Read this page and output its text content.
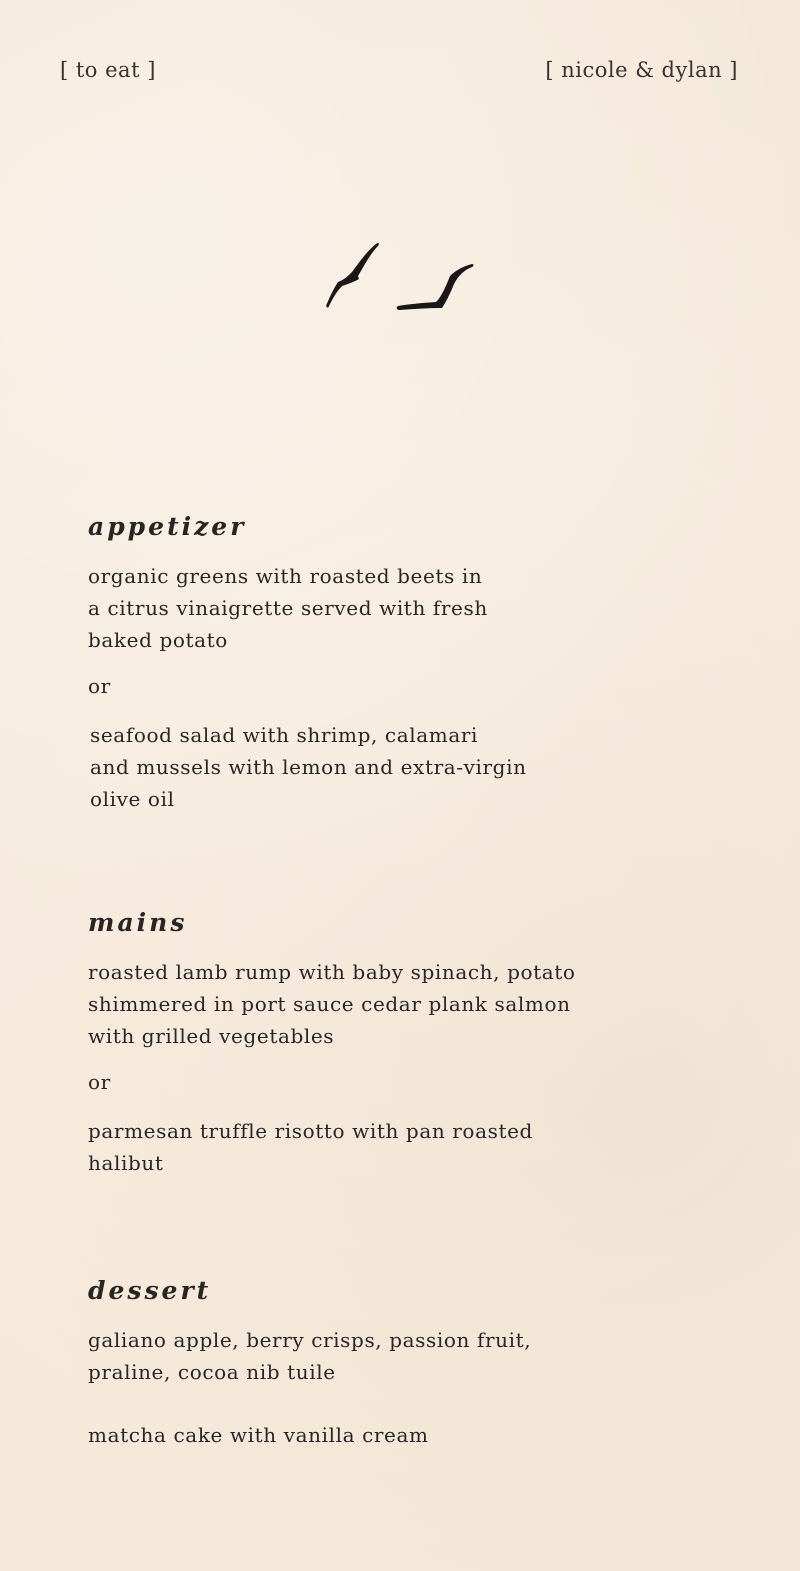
[ to eat ]	[ nicole & dylan ]
appetizer

organic greens with roasted beets in
a citrus vinaigrette served with fresh
baked potato

or

seafood salad with shrimp, calamari
and mussels with lemon and extra-virgin
olive oil

mains

roasted lamb rump with baby spinach, potato
shimmered in port sauce cedar plank salmon
with grilled vegetables

or

parmesan truffle risotto with pan roasted
halibut

dessert

galiano apple, berry crisps, passion fruit,
praline, cocoa nib tuile

matcha cake with vanilla cream
